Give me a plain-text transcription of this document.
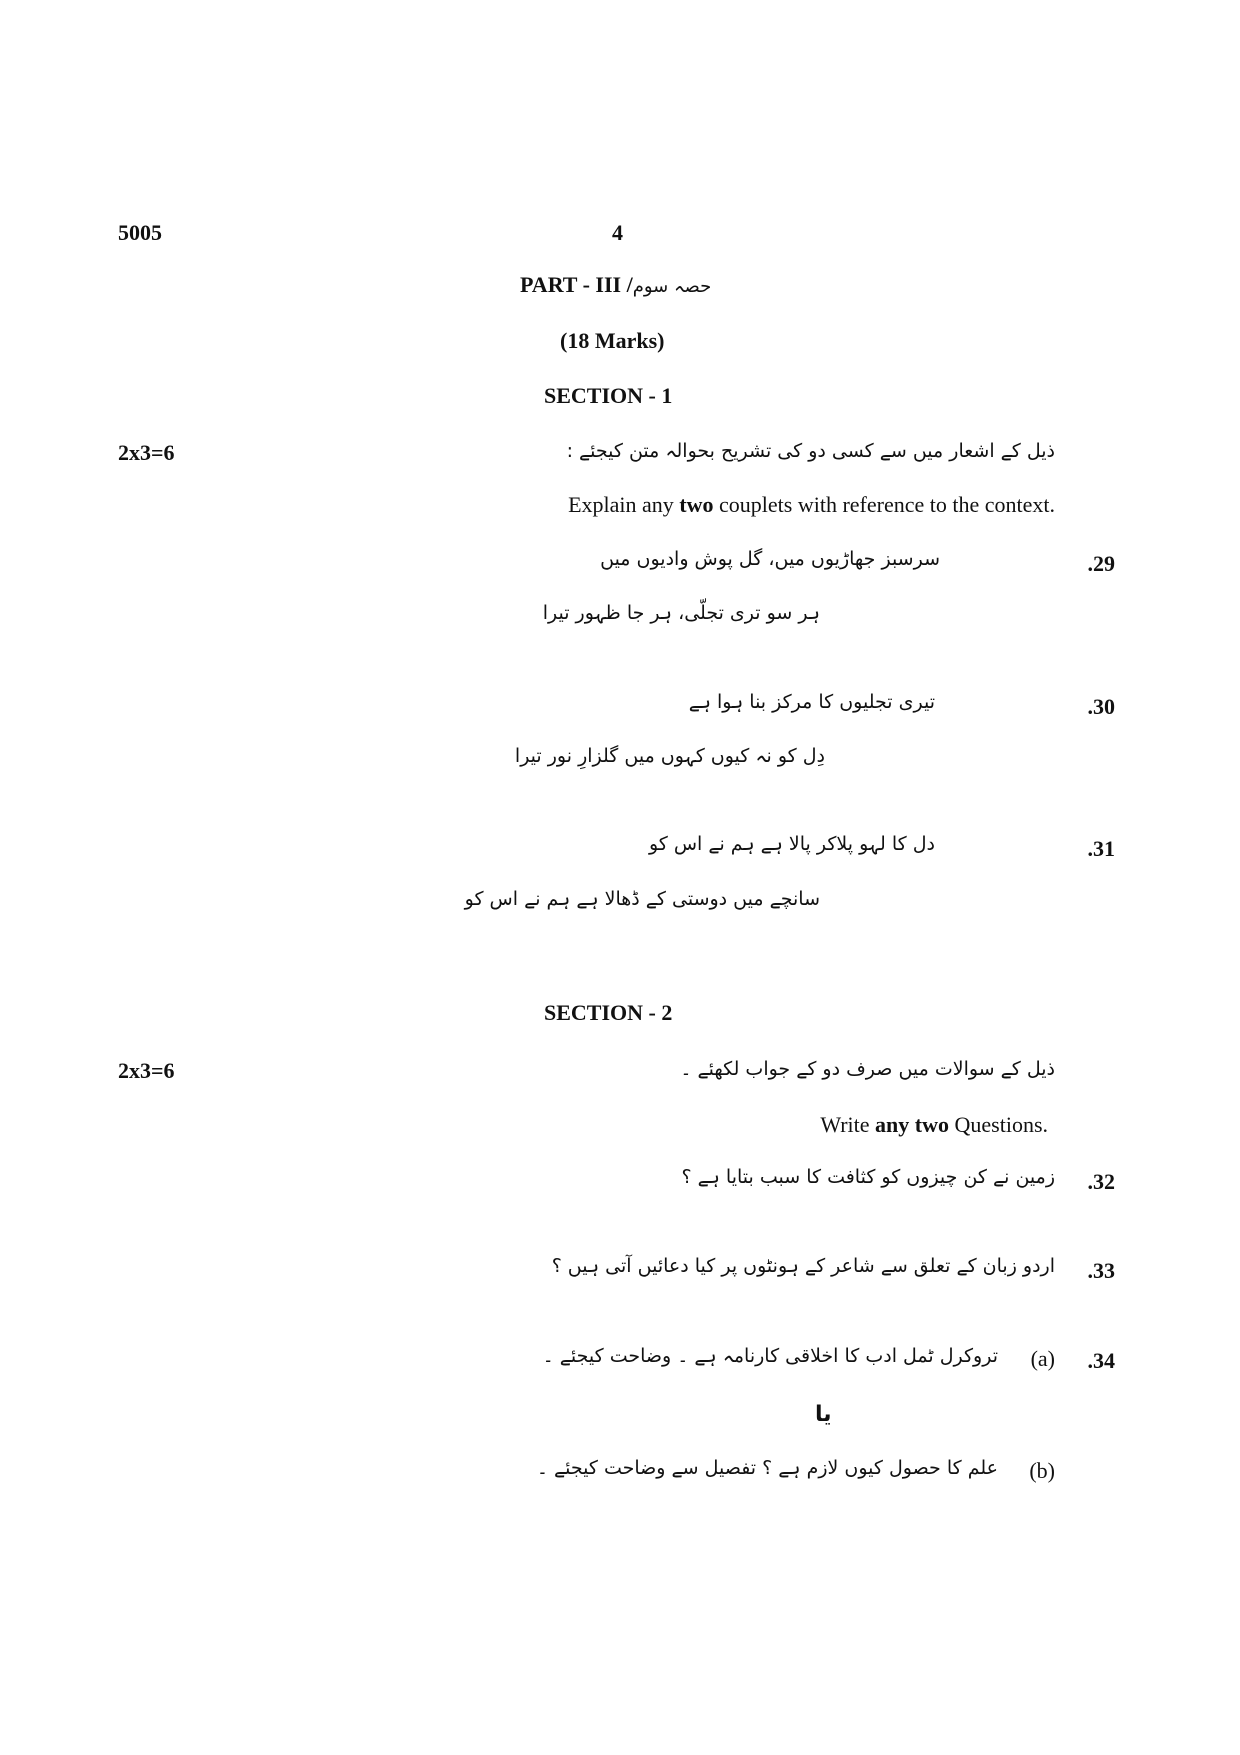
5005	4
PART - III /حصہ سوم
(18 Marks)
SECTION - 1
2x3=6	ذیل کے اشعار میں سے کسی دو کی تشریح بحوالہ متن کیجئے :
Explain any two couplets with reference to the context.
.29
سرسبز جھاڑیوں میں، گل پوش وادیوں میں
ہر سو تری تجلّی، ہر جا ظہور تیرا
.30
تیری تجلیوں کا مرکز بنا ہوا ہے
دِل کو نہ کیوں کہوں میں گلزارِ نور تیرا
.31
دل کا لہو پلاکر پالا ہے ہم نے اس کو
سانچے میں دوستی کے ڈھالا ہے ہم نے اس کو
SECTION - 2
2x3=6	ذیل کے سوالات میں صرف دو کے جواب لکھئے ۔
Write any two Questions.
.32
زمین نے کن چیزوں کو کثافت کا سبب بتایا ہے ؟
.33
اردو زبان کے تعلق سے شاعر کے ہونٹوں پر کیا دعائیں آتی ہیں ؟
.34
(a)
تروکرل ٹمل ادب کا اخلاقی کارنامہ ہے ۔ وضاحت کیجئے ۔
یا
(b)
علم کا حصول کیوں لازم ہے ؟ تفصیل سے وضاحت کیجئے ۔
